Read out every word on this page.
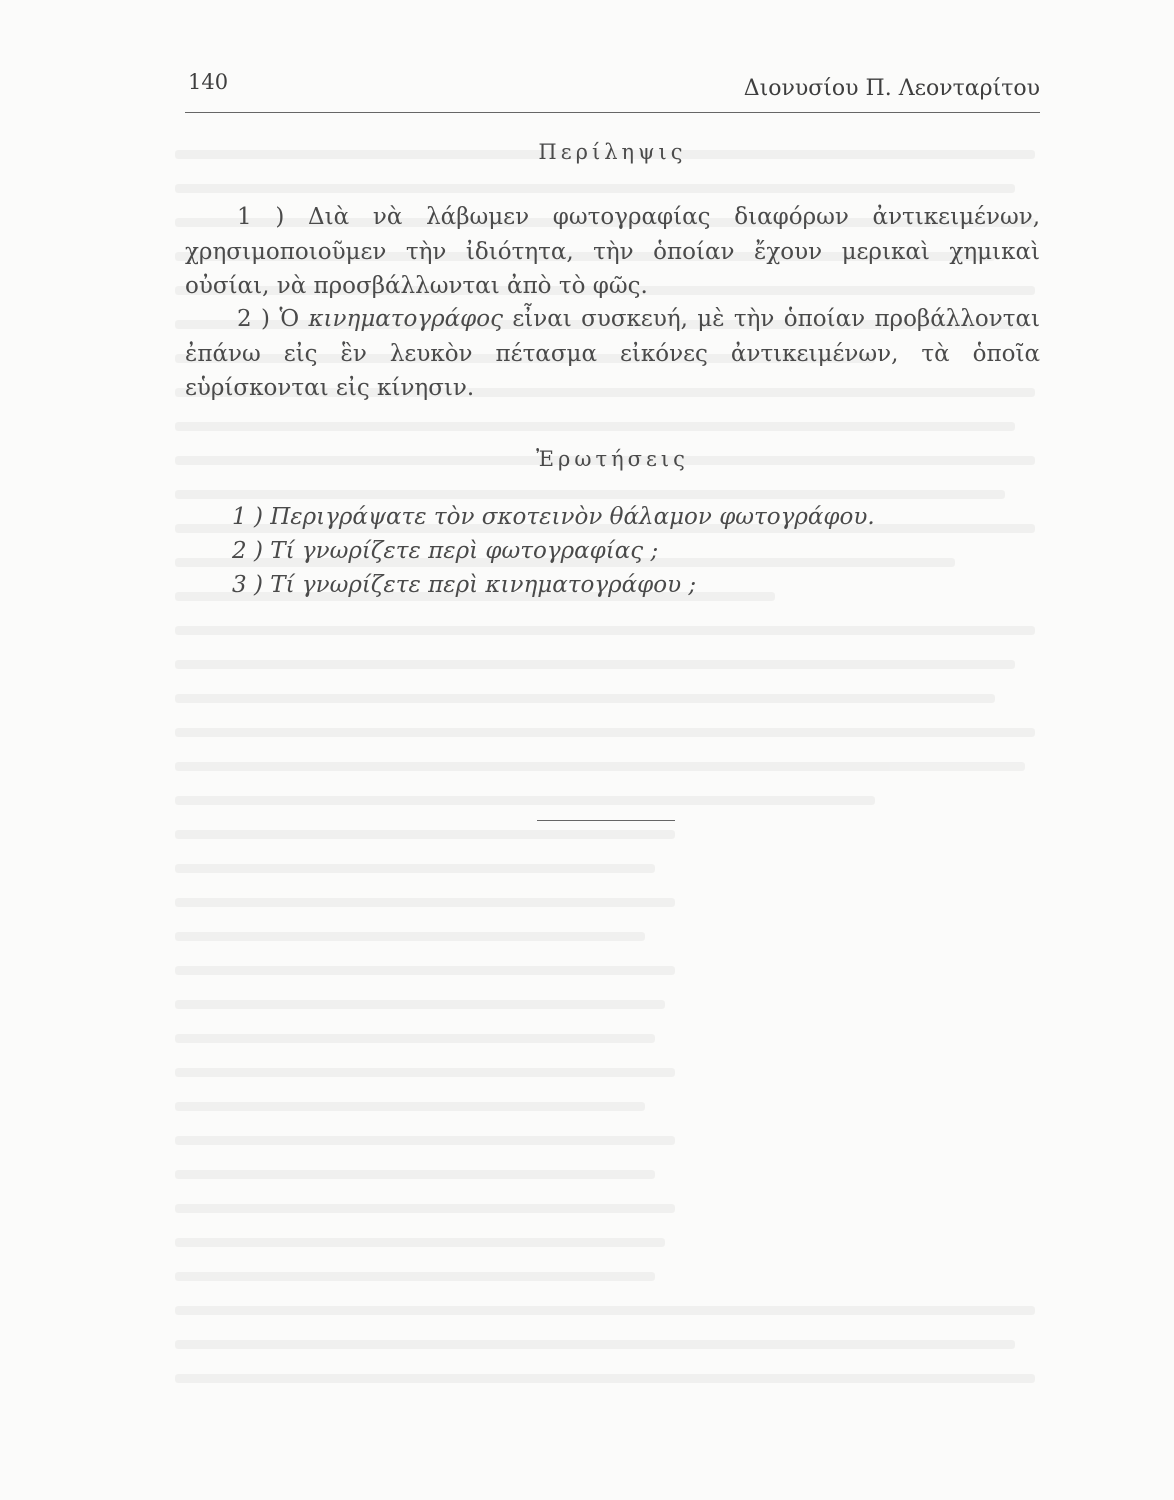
140	Διονυσίου Π. Λεονταρίτου
Περίληψις

1 ) Διὰ νὰ λάβωμεν φωτογραφίας διαφόρων ἀντικειμένων, χρησιμοποιοῦμεν τὴν ἰδιότητα, τὴν ὁποίαν ἔχουν μερικαὶ χημικαὶ οὐσίαι, νὰ προσβάλλωνται ἀπὸ τὸ φῶς.

2 ) Ὁ κινηματογράφος εἶναι συσκευή, μὲ τὴν ὁποίαν προβάλλονται ἐπάνω εἰς ἓν λευκὸν πέτασμα εἰκόνες ἀντικειμένων, τὰ ὁποῖα εὑρίσκονται εἰς κίνησιν.

Ἐρωτήσεις
1 ) Περιγράψατε τὸν σκοτεινὸν θάλαμον φωτογράφου.
2 ) Τί γνωρίζετε περὶ φωτογραφίας ;
3 ) Τί γνωρίζετε περὶ κινηματογράφου ;
